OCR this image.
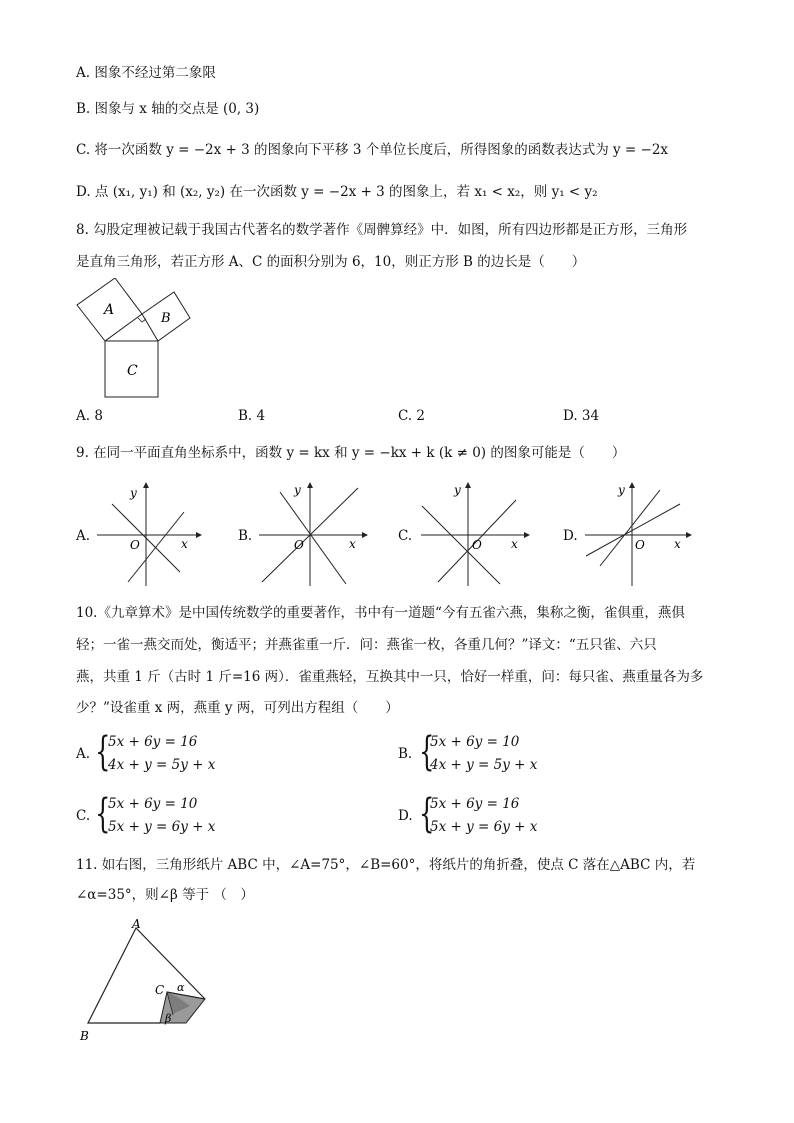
A. 图象不经过第二象限
B. 图象与 x 轴的交点是 (0, 3)
C. 将一次函数 y = −2x + 3 的图象向下平移 3 个单位长度后，所得图象的函数表达式为 y = −2x
D. 点 (x₁, y₁) 和 (x₂, y₂) 在一次函数 y = −2x + 3 的图象上，若 x₁ < x₂，则 y₁ < y₂
8. 勾股定理被记载于我国古代著名的数学著作《周髀算经》中．如图，所有四边形都是正方形，三角形
是直角三角形，若正方形 A、C 的面积分别为 6，10，则正方形 B 的边长是（　　）
A
B
C
A. 8	B. 4	C. 2	D. 34
9. 在同一平面直角坐标系中，函数 y = kx 和 y = −kx + k (k ≠ 0) 的图象可能是（　　）
A.
y
x
O
B.
y
x
O
C.
y
x
O
D.
y
x
O
10.《九章算术》是中国传统数学的重要著作，书中有一道题“今有五雀六燕，集称之衡，雀俱重，燕俱
轻；一雀一燕交而处，衡适平；并燕雀重一斤．问：燕雀一枚，各重几何？”译文：“五只雀、六只
燕，共重 1 斤（古时 1 斤=16 两）．雀重燕轻，互换其中一只，恰好一样重，问：每只雀、燕重量各为多
少？”设雀重 x 两，燕重 y 两，可列出方程组（　　）
A. {
5x + 6y = 16
4x + y = 5y + x
B. {
5x + 6y = 10
4x + y = 5y + x
C. {
5x + 6y = 10
5x + y = 6y + x
D. {
5x + 6y = 16
5x + y = 6y + x
11. 如右图，三角形纸片 ABC 中，∠A=75°，∠B=60°，将纸片的角折叠，使点 C 落在△ABC 内，若
∠α=35°，则∠β 等于 （　）
A
B
C α
β
